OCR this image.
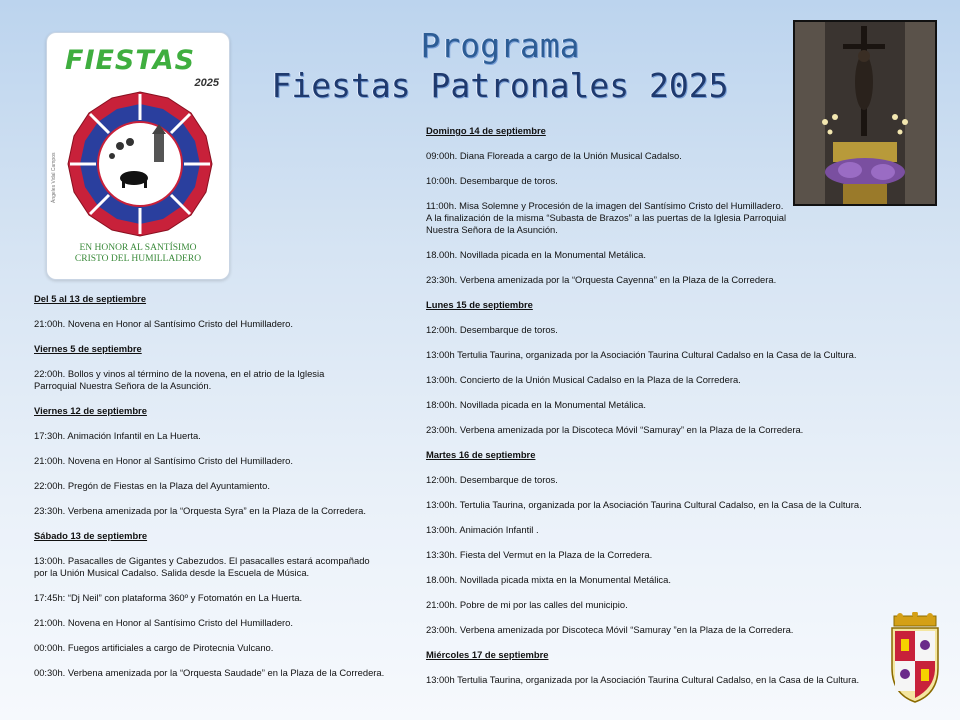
Programa
Fiestas Patronales 2025
FIESTAS
2025
Ángeles Vidal Campos
EN HONOR AL SANTÍSIMO
CRISTO DEL HUMILLADERO
Del 5 al 13 de septiembre
21:00h. Novena en Honor al Santísimo Cristo del Humilladero.
Viernes 5 de septiembre
22:00h. Bollos y vinos al término de la novena, en el atrio de la Iglesia
Parroquial Nuestra Señora de la Asunción.
Viernes 12 de septiembre
17:30h. Animación Infantil en La Huerta.
21:00h. Novena en Honor al Santísimo Cristo del Humilladero.
22:00h. Pregón de Fiestas en la Plaza del Ayuntamiento.
23:30h. Verbena amenizada por la “Orquesta Syra” en la Plaza de la Corredera.
Sábado 13 de septiembre
13:00h. Pasacalles de Gigantes y Cabezudos. El pasacalles estará acompañado
por la Unión Musical Cadalso. Salida desde la Escuela de Música.
17:45h: “Dj Neil” con plataforma 360º y Fotomatón en La Huerta.
21:00h. Novena en Honor al Santísimo Cristo del Humilladero.
00:00h. Fuegos artificiales a cargo de Pirotecnia Vulcano.
00:30h. Verbena amenizada por la “Orquesta Saudade” en la Plaza de la Corredera.
Domingo 14 de septiembre
09:00h. Diana Floreada a cargo de la Unión Musical Cadalso.
10:00h. Desembarque de toros.
11:00h. Misa Solemne y Procesión de la imagen del Santísimo Cristo del Humilladero.
A la finalización de la misma “Subasta de Brazos” a las puertas de la Iglesia Parroquial
Nuestra Señora de la Asunción.
18.00h. Novillada picada en la Monumental Metálica.
23:30h. Verbena amenizada por la “Orquesta Cayenna” en la Plaza de la Corredera.
Lunes 15 de septiembre
12:00h. Desembarque de toros.
13:00h Tertulia Taurina, organizada por la Asociación Taurina Cultural Cadalso en la Casa de la Cultura.
13:00h. Concierto de la Unión Musical Cadalso en la Plaza de la Corredera.
18:00h. Novillada picada en la Monumental Metálica.
23:00h. Verbena amenizada por la Discoteca Móvil “Samuray” en la Plaza de la Corredera.
Martes 16 de septiembre
12:00h. Desembarque de toros.
13:00h. Tertulia Taurina, organizada por la Asociación Taurina Cultural Cadalso, en la Casa de la Cultura.
13:00h. Animación Infantil .
13:30h. Fiesta del Vermut en la Plaza de la Corredera.
18.00h. Novillada picada mixta en la Monumental Metálica.
21:00h. Pobre de mi por las calles del municipio.
23:00h. Verbena amenizada por Discoteca Móvil “Samuray ”en la Plaza de la Corredera.
Miércoles 17 de septiembre
13:00h Tertulia Taurina, organizada por la Asociación Taurina Cultural Cadalso, en la Casa de la Cultura.
